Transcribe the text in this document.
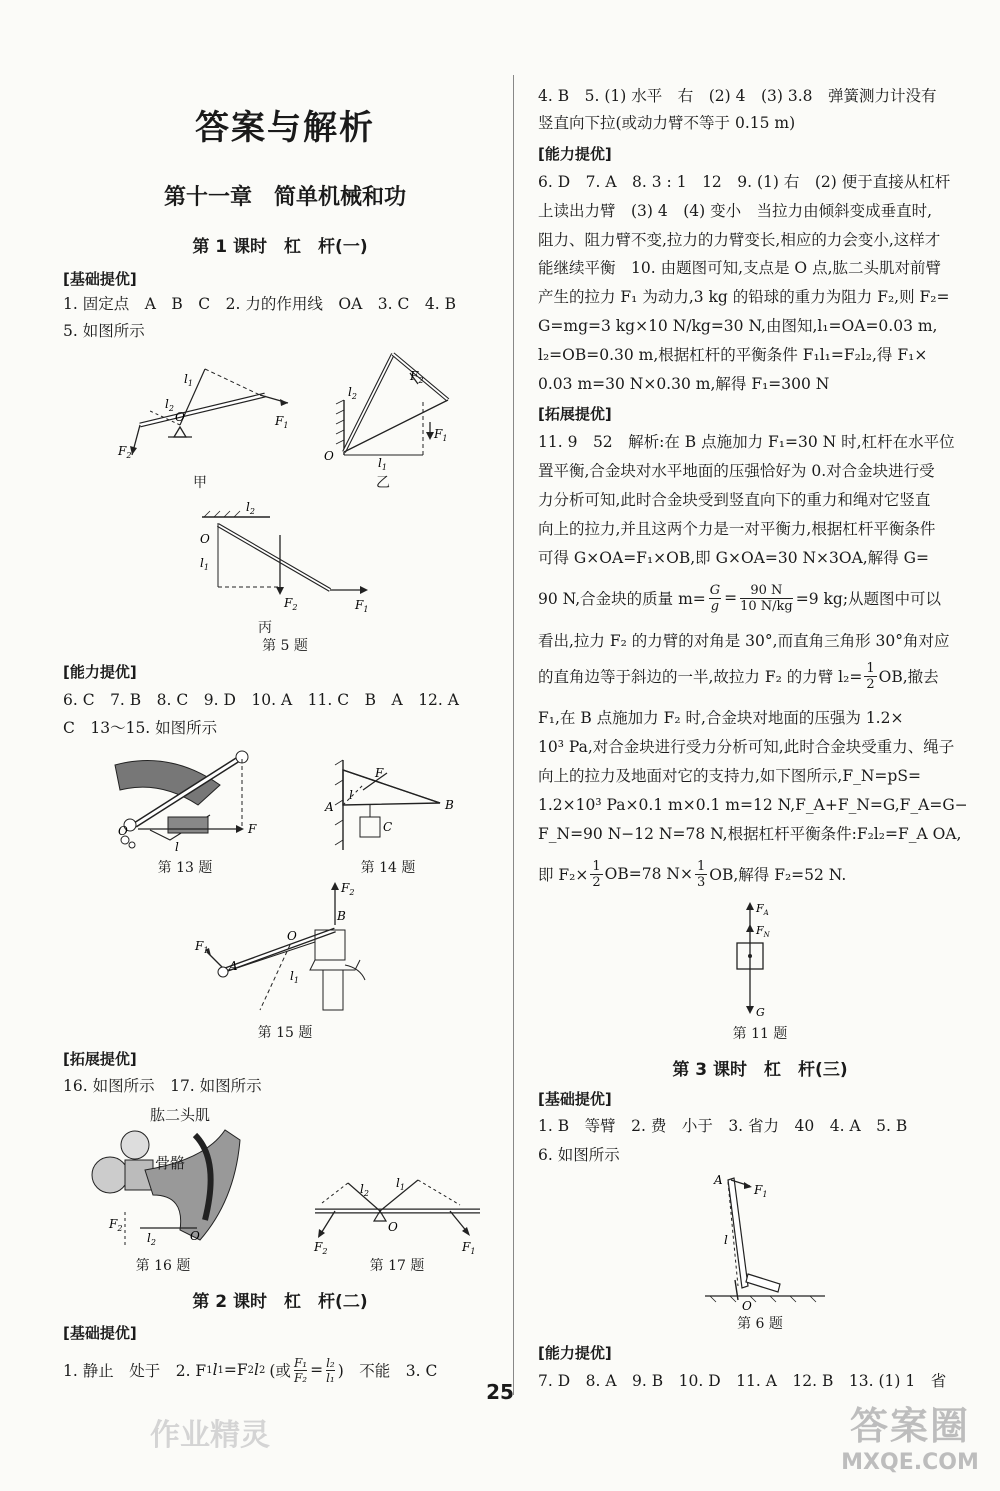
答案与解析
第十一章　简单机械和功
第 1 课时　杠　杆(一)
[基础提优]
1. 固定点　A　B　C　2. 力的作用线　OA　3. C　4. B
5. 如图所示
$l_1$
$l_2$
O	$F_1$
$F_2$
甲
$l_2$
$F_2$
$F_1$
O	$l_1$
乙
$l_2$
O
$l_1$
$F_2$	$F_1$
丙
第 5 题
[能力提优]
6. C　7. B　8. C　9. D　10. A　11. C　B　A　12. A
C　13～15. 如图所示
O	F
l
第 13 题
A	B
C
F
l
第 14 题
$F_1$
A
O
B
$F_2$
$l_1$
第 15 题
[拓展提优]
16. 如图所示　17. 如图所示
$F_2$
O
$l_2$
肱二头肌
骨骼
第 16 题
$l_2$
$l_1$
O
$F_2$	$F_1$
第 17 题
第 2 课时　杠　杆(二)
[基础提优]
1. 静止　处于　2. F 1 l 1 =F 2 l 2 (或 $\frac{\text{F₁}}{\text{F₂}} = \frac{\text{l₂}}{\text{l₁}}$ )　不能　3. C
作业精灵
4. B　5. (1) 水平　右　(2) 4　(3) 3.8　弹簧测力计没有
竖直向下拉(或动力臂不等于 0.15 m)
[能力提优]
6. D　7. A　8. 3 : 1　12　9. (1) 右　(2) 便于直接从杠杆
上读出力臂　(3) 4　(4) 变小　当拉力由倾斜变成垂直时,
阻力、阻力臂不变,拉力的力臂变长,相应的力会变小,这样才
能继续平衡　10. 由题图可知,支点是 O 点,肱二头肌对前臂
产生的拉力 F₁ 为动力,3 kg 的铅球的重力为阻力 F₂,则 F₂=
G=mg=3 kg×10 N/kg=30 N,由图知,l₁=OA=0.03 m,
l₂=OB=0.30 m,根据杠杆的平衡条件 F₁l₁=F₂l₂,得 F₁×
0.03 m=30 N×0.30 m,解得 F₁=300 N
[拓展提优]
11. 9　52　解析:在 B 点施加力 F₁=30 N 时,杠杆在水平位
置平衡,合金块对水平地面的压强恰好为 0.对合金块进行受
力分析可知,此时合金块受到竖直向下的重力和绳对它竖直
向上的拉力,并且这两个力是一对平衡力,根据杠杆平衡条件
可得 G×OA=F₁×OB,即 G×OA=30 N×3OA,解得 G=
90 N,合金块的质量 $m= \frac{G}{g} = \frac{90 N}{10 N/kg} =9$ kg;从题图中可以
看出,拉力 F₂ 的力臂的对角是 30°,而直角三角形 30°角对应
的直角边等于斜边的一半,故拉力 F₂ 的力臂 $l_2= \frac{1}{2}$ OB,撤去
F₁,在 B 点施加力 F₂ 时,合金块对地面的压强为 1.2×
10³ Pa,对合金块进行受力分析可知,此时合金块受重力、绳子
向上的拉力及地面对它的支持力,如下图所示,F_N=pS=
1.2×10³ Pa×0.1 m×0.1 m=12 N,F_A+F_N=G,F_A=G−
F_N=90 N−12 N=78 N,根据杠杆平衡条件:F₂l₂=F_A OA,
即 $F_2\times \frac{1}{2} OB=78$ $N\times \frac{1}{3}$ OB,解得 F₂=52 N.
$F_A$
$F_N$
G
第 11 题
第 3 课时　杠　杆(三)
[基础提优]
1. B　等臂　2. 费　小于　3. 省力　40　4. A　5. B
6. 如图所示
A
$F_1$
l
O
第 6 题
[能力提优]
7. D　8. A　9. B　10. D　11. A　12. B　13. (1) 1　省
25
答案圈
MXQE.COM
